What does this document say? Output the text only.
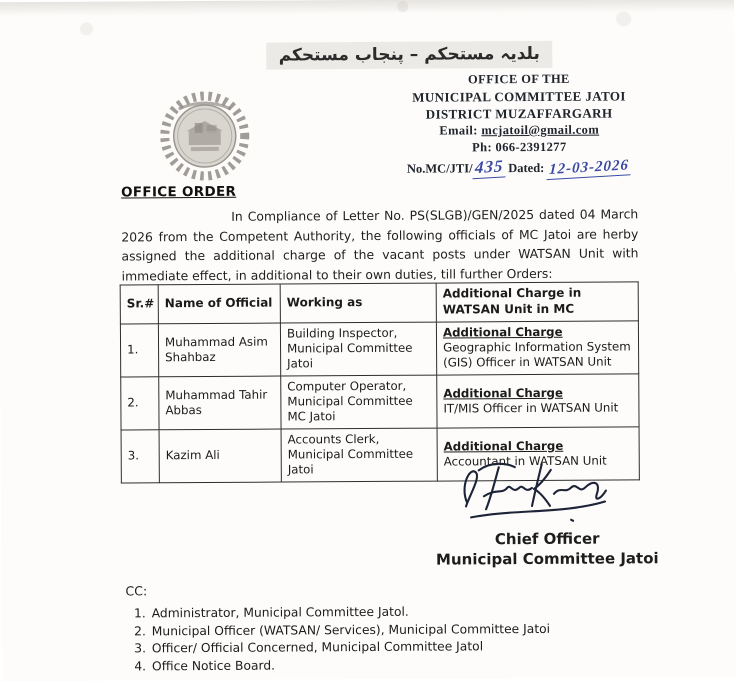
بلدیہ مستحکم – پنجاب مستحکم
OFFICE OF THE
MUNICIPAL COMMITTEE JATOI
DISTRICT MUZAFFARGARH
Email: mcjatoil@gmail.com
Ph: 066-2391277
No.MC/JTI/435 Dated: 12-03-2026
OFFICE ORDER
In Compliance of Letter No. PS(SLGB)/GEN/2025 dated 04 March 2026 from the Competent Authority, the following officials of MC Jatoi are herby assigned the additional charge of the vacant posts under WATSAN Unit with immediate effect, in additional to their own duties, till further Orders:
Sr.#	Name of Official	Working as	Additional Charge in WATSAN Unit in MC
1.	Muhammad Asim Shahbaz	Building Inspector, Municipal Committee Jatoi	Additional Charge
Geographic Information System (GIS) Officer in WATSAN Unit
2.	Muhammad Tahir Abbas	Computer Operator, Municipal Committee MC Jatoi	Additional Charge
IT/MIS Officer in WATSAN Unit
3.	Kazim Ali	Accounts Clerk, Municipal Committee Jatoi	Additional Charge
Accountant in WATSAN Unit
Chief Officer
Municipal Committee Jatoi
CC:
1. Administrator, Municipal Committee Jatol.
2. Municipal Officer (WATSAN/ Services), Municipal Committee Jatoi
3. Officer/ Official Concerned, Municipal Committee Jatol
4. Office Notice Board.
